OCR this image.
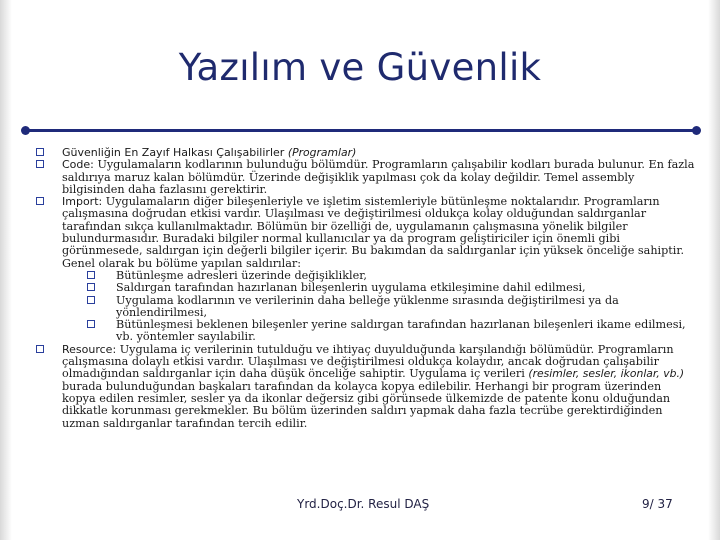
Yazılım ve Güvenlik
Güvenliğin En Zayıf Halkası Çalışabilirler (Programlar)
Code: Uygulamaların kodlarının bulunduğu bölümdür. Programların çalışabilir kodları burada bulunur. En fazla saldırıya maruz kalan bölümdür. Üzerinde değişiklik yapılması çok da kolay değildir. Temel assembly bilgisinden daha fazlasını gerektirir.
Import: Uygulamaların diğer bileşenleriyle ve işletim sistemleriyle bütünleşme noktalarıdır. Programların çalışmasına doğrudan etkisi vardır. Ulaşılması ve değiştirilmesi oldukça kolay olduğundan saldırganlar tarafından sıkça kullanılmaktadır. Bölümün bir özelliği de, uygulamanın çalışmasına yönelik bilgiler bulundurmasıdır. Buradaki bilgiler normal kullanıcılar ya da program geliştiriciler için önemli gibi görünmesede, saldırgan için değerli bilgiler içerir. Bu bakımdan da saldırganlar için yüksek önceliğe sahiptir. Genel olarak bu bölüme yapılan saldırılar:
Bütünleşme adresleri üzerinde değişiklikler,
Saldırgan tarafından hazırlanan bileşenlerin uygulama etkileşimine dahil edilmesi,
Uygulama kodlarının ve verilerinin daha belleğe yüklenme sırasında değiştirilmesi ya da yönlendirilmesi,
Bütünleşmesi beklenen bileşenler yerine saldırgan tarafından hazırlanan bileşenleri ikame edilmesi, vb. yöntemler sayılabilir.
Resource: Uygulama iç verilerinin tutulduğu ve ihtiyaç duyulduğunda karşılandığı bölümüdür. Programların çalışmasına dolaylı etkisi vardır. Ulaşılması ve değiştirilmesi oldukça kolaydır, ancak doğrudan çalışabilir olmadığından saldırganlar için daha düşük önceliğe sahiptir. Uygulama iç verileri (resimler, sesler, ikonlar, vb.) burada bulunduğundan başkaları tarafından da kolayca kopya edilebilir. Herhangi bir program üzerinden kopya edilen resimler, sesler ya da ikonlar değersiz gibi görünsede ülkemizde de patente konu olduğundan dikkatle korunması gerekmekler. Bu bölüm üzerinden saldırı yapmak daha fazla tecrübe gerektirdiğinden uzman saldırganlar tarafından tercih edilir.
Yrd.Doç.Dr. Resul DAŞ	9/ 37
